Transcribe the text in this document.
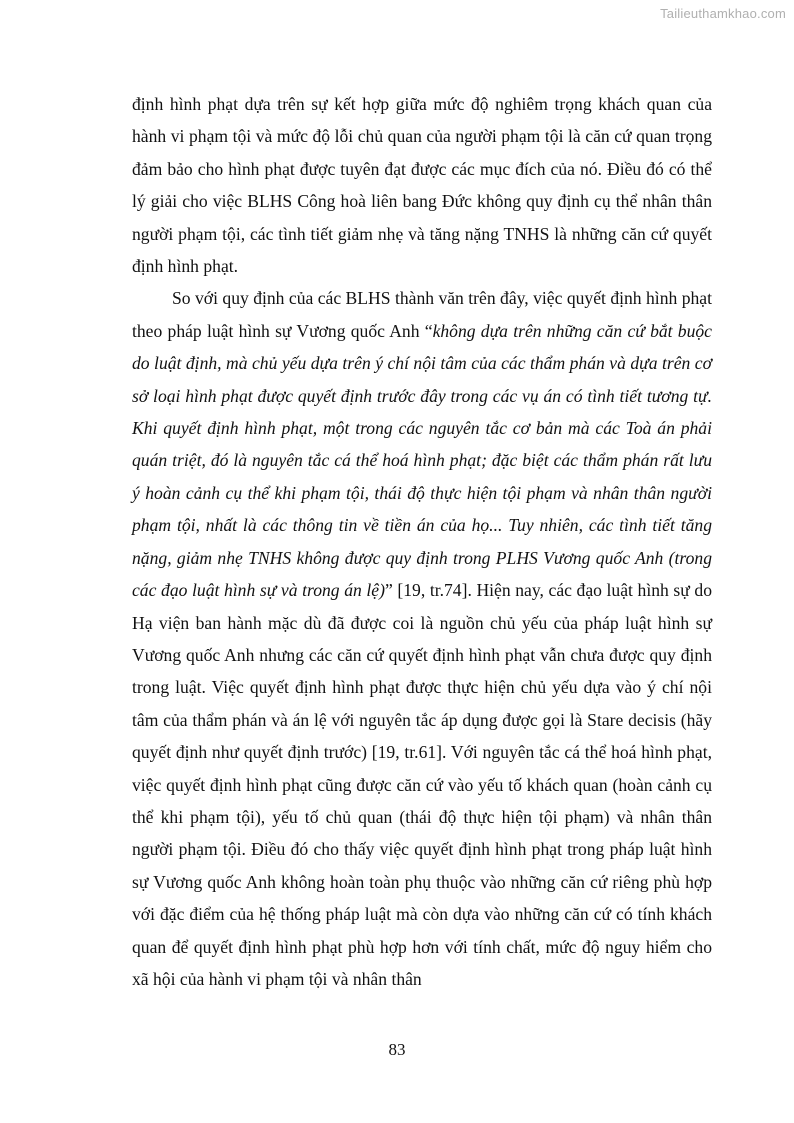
Tailieuthamkhao.com

định hình phạt dựa trên sự kết hợp giữa mức độ nghiêm trọng khách quan của hành vi phạm tội và mức độ lỗi chủ quan của người phạm tội là căn cứ quan trọng đảm bảo cho hình phạt được tuyên đạt được các mục đích của nó. Điều đó có thể lý giải cho việc BLHS Công hoà liên bang Đức không quy định cụ thể nhân thân người phạm tội, các tình tiết giảm nhẹ và tăng nặng TNHS là những căn cứ quyết định hình phạt.

So với quy định của các BLHS thành văn trên đây, việc quyết định hình phạt theo pháp luật hình sự Vương quốc Anh “không dựa trên những căn cứ bắt buộc do luật định, mà chủ yếu dựa trên ý chí nội tâm của các thẩm phán và dựa trên cơ sở loại hình phạt được quyết định trước đây trong các vụ án có tình tiết tương tự. Khi quyết định hình phạt, một trong các nguyên tắc cơ bản mà các Toà án phải quán triệt, đó là nguyên tắc cá thể hoá hình phạt; đặc biệt các thẩm phán rất lưu ý hoàn cảnh cụ thể khi phạm tội, thái độ thực hiện tội phạm và nhân thân người phạm tội, nhất là các thông tin về tiền án của họ... Tuy nhiên, các tình tiết tăng nặng, giảm nhẹ TNHS không được quy định trong PLHS Vương quốc Anh (trong các đạo luật hình sự và trong án lệ)” [19, tr.74]. Hiện nay, các đạo luật hình sự do Hạ viện ban hành mặc dù đã được coi là nguồn chủ yếu của pháp luật hình sự Vương quốc Anh nhưng các căn cứ quyết định hình phạt vẫn chưa được quy định trong luật. Việc quyết định hình phạt được thực hiện chủ yếu dựa vào ý chí nội tâm của thẩm phán và án lệ với nguyên tắc áp dụng được gọi là Stare decisis (hãy quyết định như quyết định trước) [19, tr.61]. Với nguyên tắc cá thể hoá hình phạt, việc quyết định hình phạt cũng được căn cứ vào yếu tố khách quan (hoàn cảnh cụ thể khi phạm tội), yếu tố chủ quan (thái độ thực hiện tội phạm) và nhân thân người phạm tội. Điều đó cho thấy việc quyết định hình phạt trong pháp luật hình sự Vương quốc Anh không hoàn toàn phụ thuộc vào những căn cứ riêng phù hợp với đặc điểm của hệ thống pháp luật mà còn dựa vào những căn cứ có tính khách quan để quyết định hình phạt phù hợp hơn với tính chất, mức độ nguy hiểm cho xã hội của hành vi phạm tội và nhân thân

83
